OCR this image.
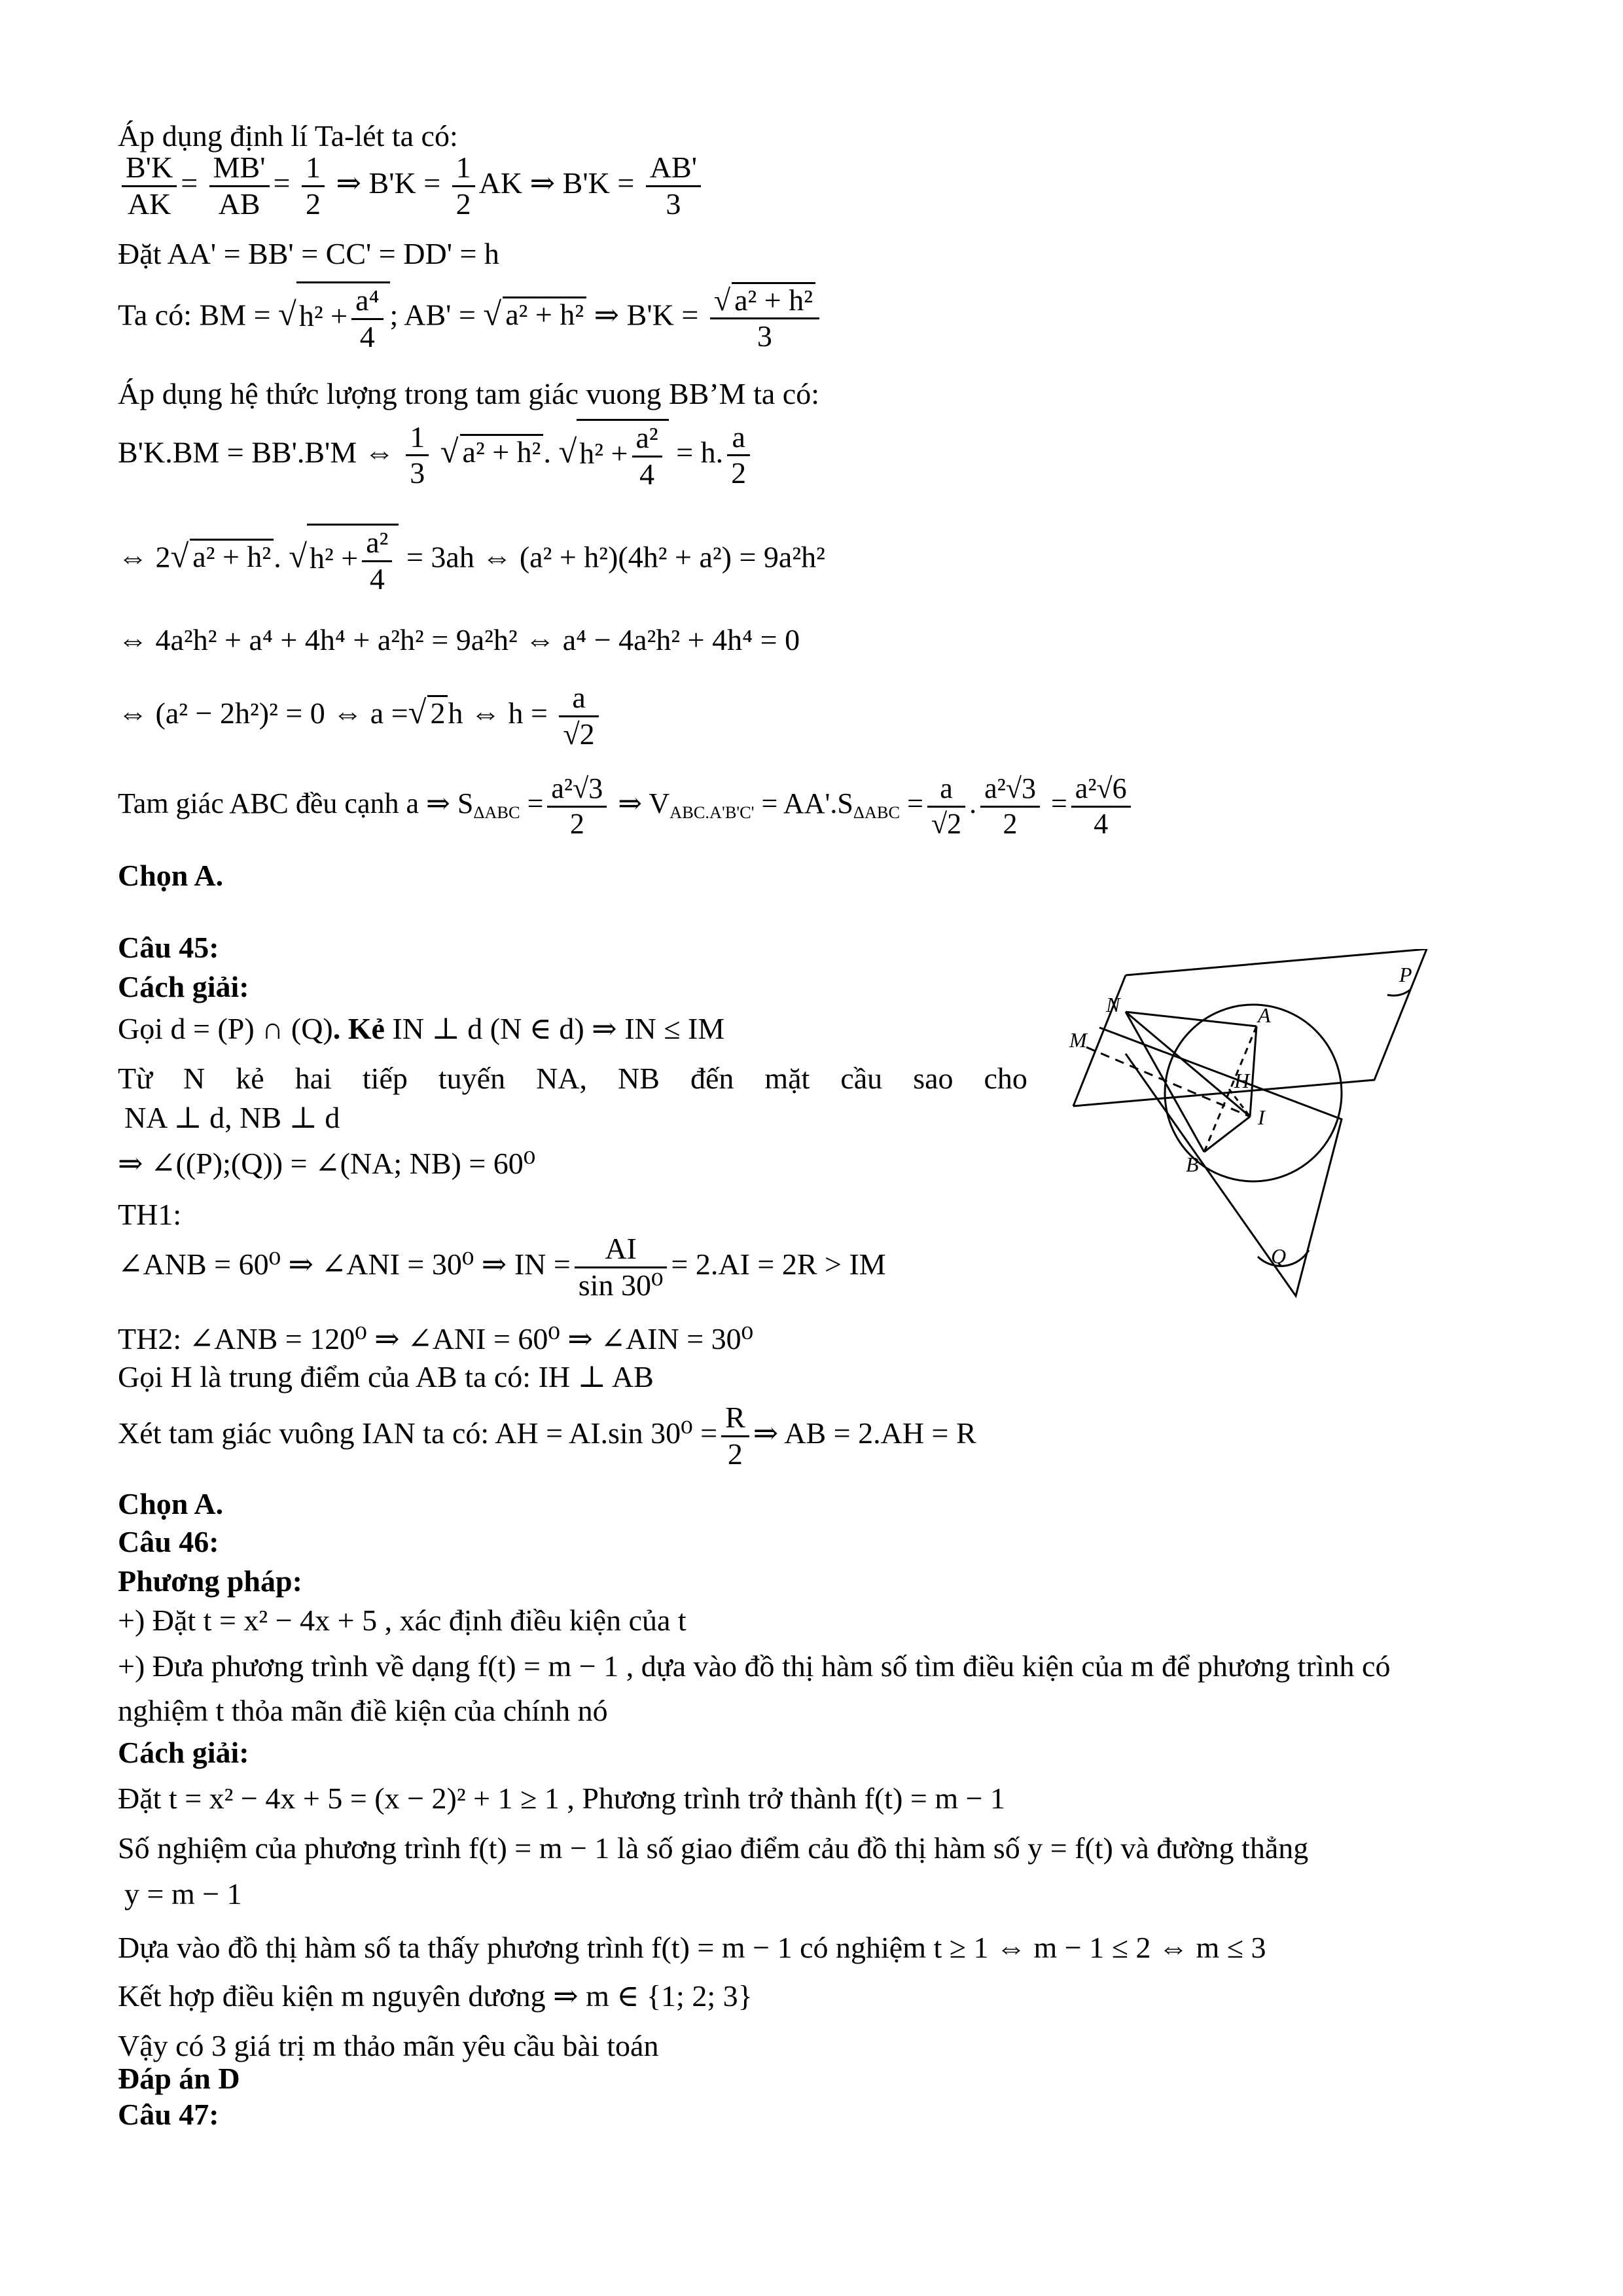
Áp dụng định lí Ta-lét ta có:
$\frac{B'K}{AK} = \frac{MB'}{AB} = \frac{1}{2}$ ⇒ $B'K = \frac{1}{2}$ AK ⇒ $B'K = \frac{AB'}{3}$
Đặt AA' = BB' = CC' = DD' = h
Ta có: BM = $√h^2 + \frac{\text{a⁴}}{4}$ ; AB' = √ a² + h² ⇒ $B'K = \frac{\text{√ a² + h²}}{3}$
Áp dụng hệ thức lượng trong tam giác vuong BB’M ta có:
B'K.BM = BB'.B'M ⇔ $\frac{1}{3}$ √ a² + h². $√h^2 + \frac{\text{a²}}{4} = h$. $\frac{a}{2}$
⇔ 2√ a² + h². $√h^2 + \frac{\text{a²}}{4} = 3ah$ ⇔ (a² + h²)(4h² + a²) = 9a²h²
⇔ 4a²h² + a⁴ + 4h⁴ + a²h² = 9a²h² ⇔ a⁴ − 4a²h² + 4h⁴ = 0
⇔ (a² − 2h²)² = 0 ⇔ a =√ 2h ⇔ $h = \frac{a}{√2}$
Tam giác ABC đều cạnh a ⇒ $S_{\Delta ABC} = \frac{\text{a²√3}}{2}$ ⇒ $V_{ABC.A'B'C'} = AA'.S_{\Delta ABC} = \frac{a}{√2}$ . $\frac{\text{a²√3}}{2} = \frac{\text{a²√6}}{4}$
Chọn A.
Câu 45:
Cách giải:
Gọi d = (P) ∩ (Q). Kẻ IN ⊥ d (N ∈ d) ⇒ IN ≤ IM
Từ N kẻ hai tiếp tuyến NA, NB đến mặt cầu sao cho
NA ⊥ d, NB ⊥ d
⇒ ∠((P);(Q)) = ∠(NA; NB) = 60⁰
TH1:
∠ANB = 60⁰ ⇒ ∠ANI = 30⁰ ⇒ IN = $\frac{AI}{\text{sin 30⁰}} = 2.AI = 2R$ > IM
TH2: ∠ANB = 120⁰ ⇒ ∠ANI = 60⁰ ⇒ ∠AIN = 30⁰
Gọi H là trung điểm của AB ta có: IH ⊥ AB
Xét tam giác vuông IAN ta có: AH = AI.sin $30^0 = \frac{R}{2}$ ⇒ AB = 2.AH = R
Chọn A.
Câu 46:
Phương pháp:
+) Đặt t = x² − 4x + 5 , xác định điều kiện của t
+) Đưa phương trình về dạng f(t) = m − 1 , dựa vào đồ thị hàm số tìm điều kiện của m để phương trình có
nghiệm t thỏa mãn điề kiện của chính nó
Cách giải:
Đặt t = x² − 4x + 5 = (x − 2)² + 1 ≥ 1 , Phương trình trở thành f(t) = m − 1
Số nghiệm của phương trình f(t) = m − 1 là số giao điểm cảu đồ thị hàm số y = f(t) và đường thẳng
y = m − 1
Dựa vào đồ thị hàm số ta thấy phương trình f(t) = m − 1 có nghiệm t ≥ 1 ⇔ m − 1 ≤ 2 ⇔ m ≤ 3
Kết hợp điều kiện m nguyên dương ⇒ m ∈ {1; 2; 3}
Vậy có 3 giá trị m thảo mãn yêu cầu bài toán
Đáp án D
Câu 47:
P
Q
N	A
M
H
I
B
